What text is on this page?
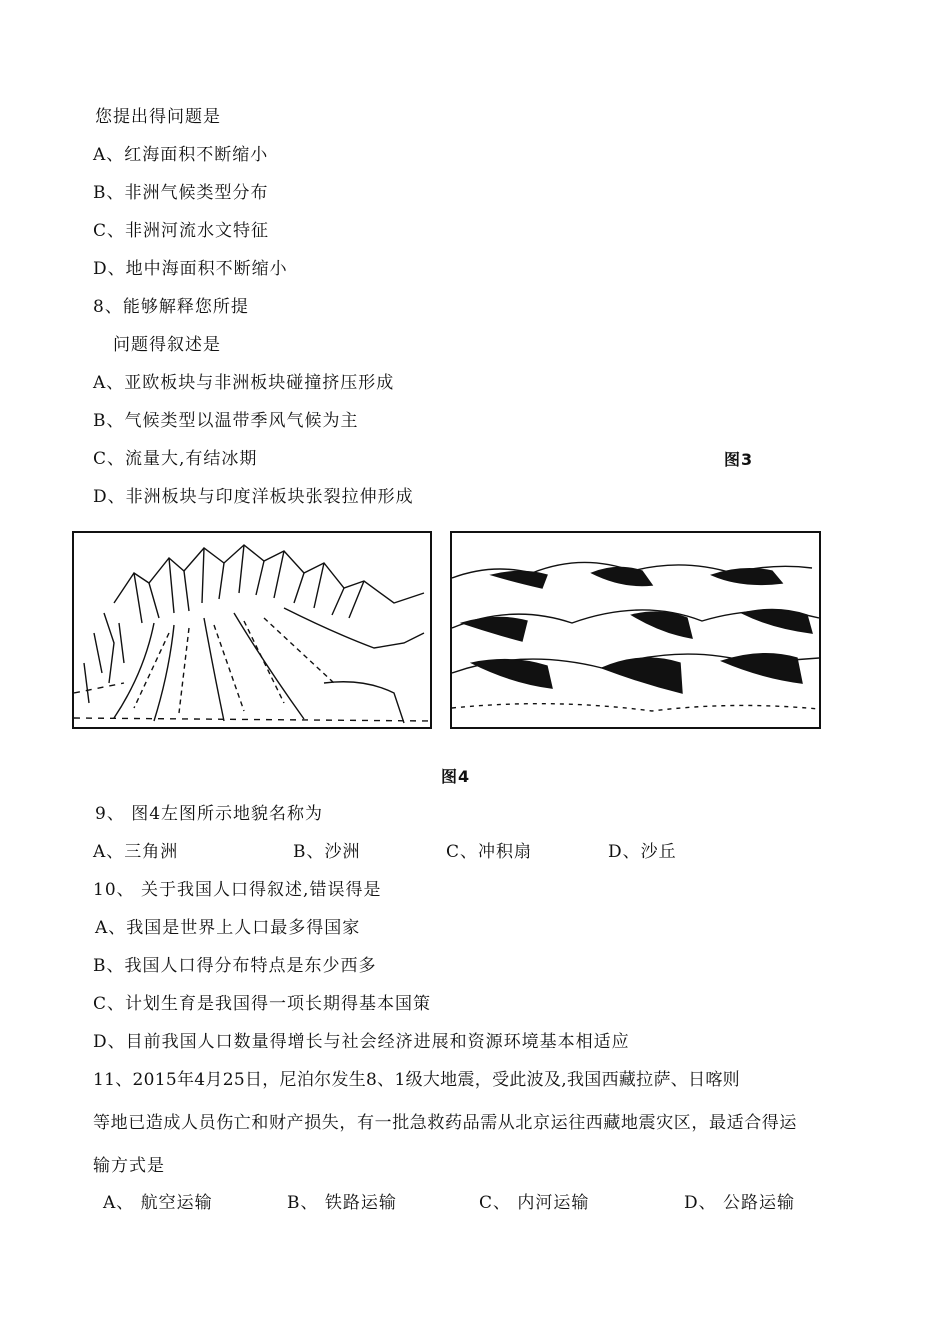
您提出得问题是
A、红海面积不断缩小
B、非洲气候类型分布
C、非洲河流水文特征
D、地中海面积不断缩小
8、能够解释您所提
问题得叙述是
A、亚欧板块与非洲板块碰撞挤压形成
B、气候类型以温带季风气候为主
C、流量大,有结冰期	图3
D、非洲板块与印度洋板块张裂拉伸形成
图4
9、 图4左图所示地貌名称为
A、三角洲	B、沙洲	C、冲积扇	D、沙丘
10、 关于我国人口得叙述,错误得是
A、我国是世界上人口最多得国家
B、我国人口得分布特点是东少西多
C、计划生育是我国得一项长期得基本国策
D、目前我国人口数量得增长与社会经济进展和资源环境基本相适应
11、2015年4月25日，尼泊尔发生8、1级大地震，受此波及,我国西藏拉萨、日喀则
等地已造成人员伤亡和财产损失，有一批急救药品需从北京运往西藏地震灾区，最适合得运
输方式是
A、 航空运输	B、 铁路运输	C、 内河运输	D、 公路运输
